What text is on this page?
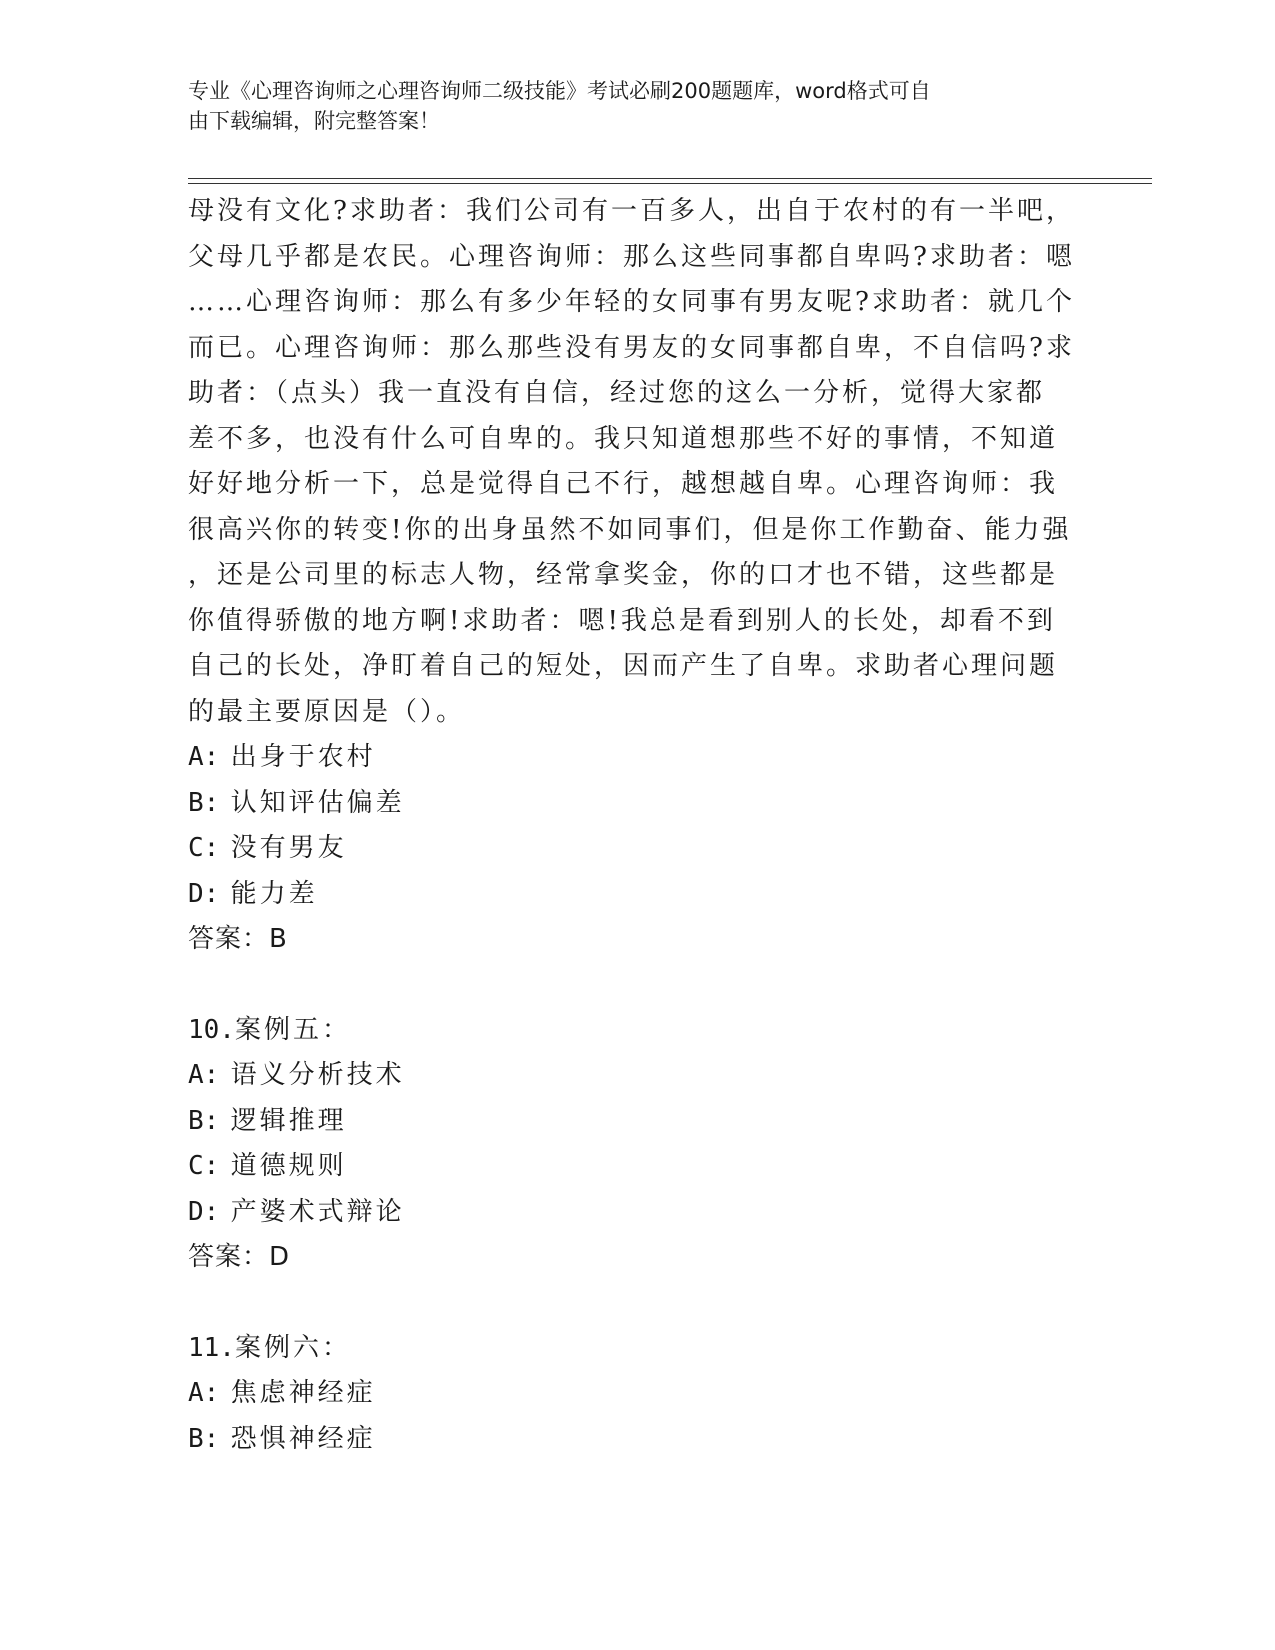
专业《心理咨询师之心理咨询师二级技能》考试必刷200题题库，word格式可自
由下载编辑，附完整答案！
母没有文化?求助者：我们公司有一百多人，出自于农村的有一半吧，
父母几乎都是农民。心理咨询师：那么这些同事都自卑吗?求助者：嗯
……心理咨询师：那么有多少年轻的女同事有男友呢?求助者：就几个
而已。心理咨询师：那么那些没有男友的女同事都自卑，不自信吗?求
助者：（点头）我一直没有自信，经过您的这么一分析，觉得大家都
差不多，也没有什么可自卑的。我只知道想那些不好的事情，不知道
好好地分析一下，总是觉得自己不行，越想越自卑。心理咨询师：我
很高兴你的转变!你的出身虽然不如同事们，但是你工作勤奋、能力强
，还是公司里的标志人物，经常拿奖金，你的口才也不错，这些都是
你值得骄傲的地方啊!求助者：嗯!我总是看到别人的长处，却看不到
自己的长处，净盯着自己的短处，因而产生了自卑。求助者心理问题
的最主要原因是（）。
A: 出身于农村
B: 认知评估偏差
C: 没有男友
D: 能力差
答案：B
10.案例五：
A: 语义分析技术
B: 逻辑推理
C: 道德规则
D: 产婆术式辩论
答案：D
11.案例六：
A: 焦虑神经症
B: 恐惧神经症
